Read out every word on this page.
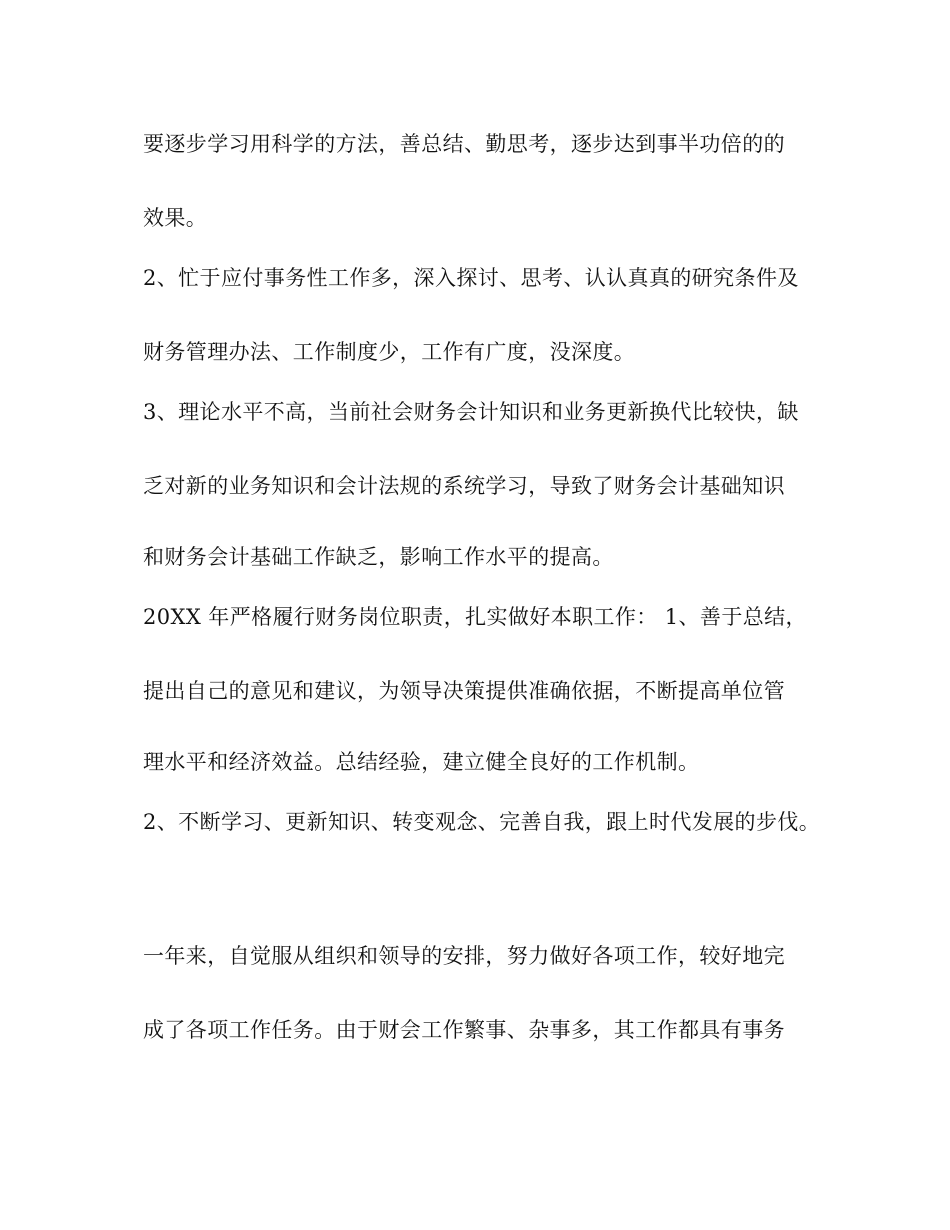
要逐步学习用科学的方法，善总结、勤思考，逐步达到事半功倍的的
效果。
2、忙于应付事务性工作多，深入探讨、思考、认认真真的研究条件及
财务管理办法、工作制度少，工作有广度，没深度。
3、理论水平不高，当前社会财务会计知识和业务更新换代比较快，缺
乏对新的业务知识和会计法规的系统学习，导致了财务会计基础知识
和财务会计基础工作缺乏，影响工作水平的提高。
20XX 年严格履行财务岗位职责，扎实做好本职工作： 1、善于总结，
提出自己的意见和建议，为领导决策提供准确依据，不断提高单位管
理水平和经济效益。总结经验，建立健全良好的工作机制。
2、不断学习、更新知识、转变观念、完善自我，跟上时代发展的步伐。
一年来，自觉服从组织和领导的安排，努力做好各项工作，较好地完
成了各项工作任务。由于财会工作繁事、杂事多，其工作都具有事务
